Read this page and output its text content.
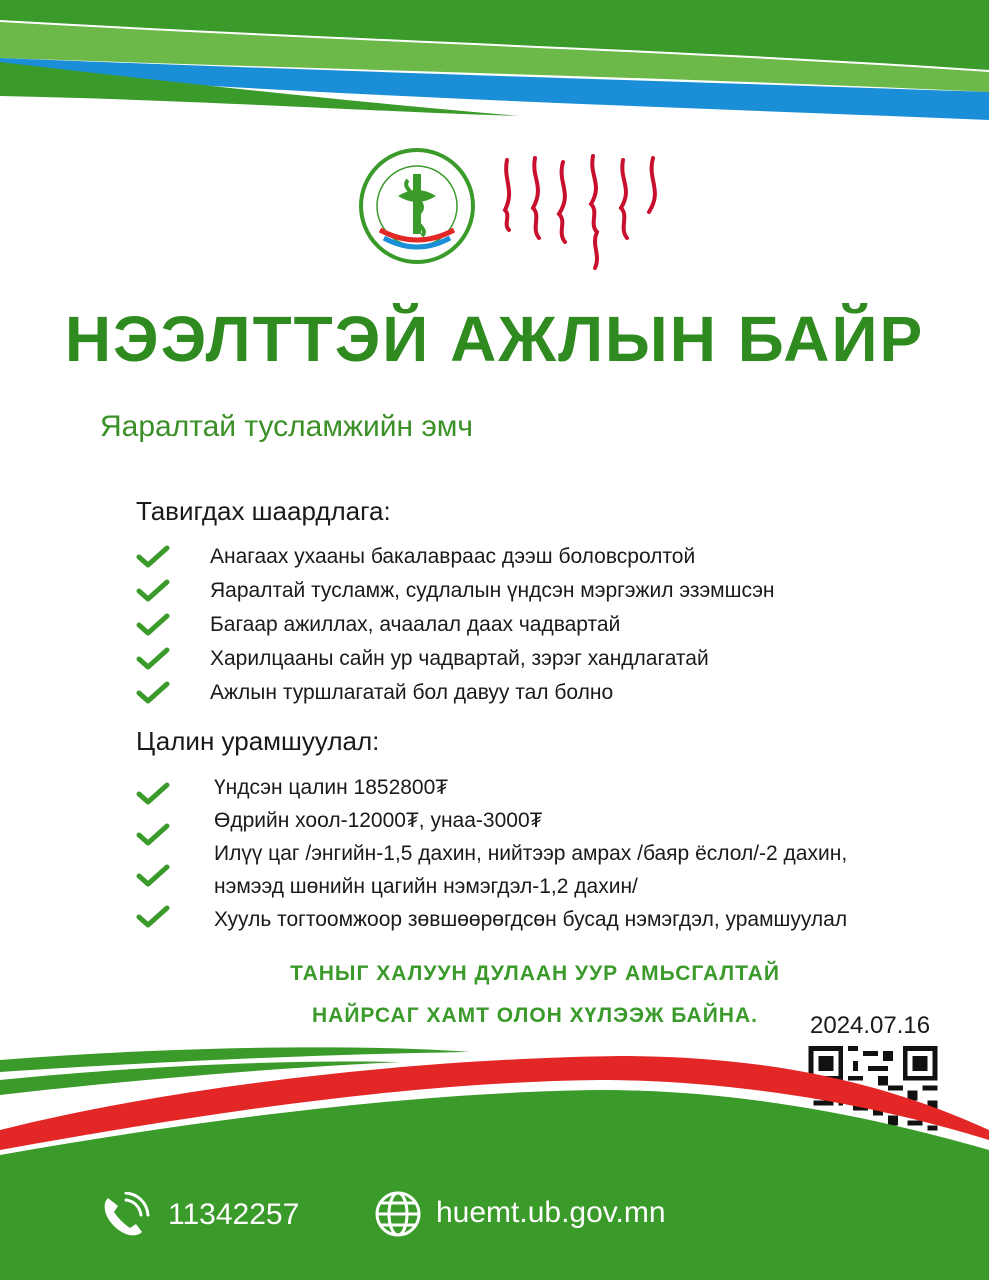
НЭЭЛТТЭЙ АЖЛЫН БАЙР
Яаралтай тусламжийн эмч
Тавигдах шаардлага:
Анагаах ухааны бакалавраас дээш боловсролтой
Яаралтай тусламж, судлалын үндсэн мэргэжил эзэмшсэн
Багаар ажиллах, ачаалал даах чадвартай
Харилцааны сайн ур чадвартай, зэрэг хандлагатай
Ажлын туршлагатай бол давуу тал болно
Цалин урамшуулал:
Үндсэн цалин 1852800₮
Өдрийн хоол-12000₮, унаа-3000₮
Илүү цаг /энгийн-1,5 дахин, нийтээр амрах /баяр ёслол/-2 дахин,
нэмээд шөнийн цагийн нэмэгдэл-1,2 дахин/
Хууль тогтоомжоор зөвшөөрөгдсөн бусад нэмэгдэл, урамшуулал
ТАНЫГ ХАЛУУН ДУЛААН УУР АМЬСГАЛТАЙ
НАЙРСАГ ХАМТ ОЛОН ХҮЛЭЭЖ БАЙНА.	2024.07.16
11342257	huemt.ub.gov.mn
